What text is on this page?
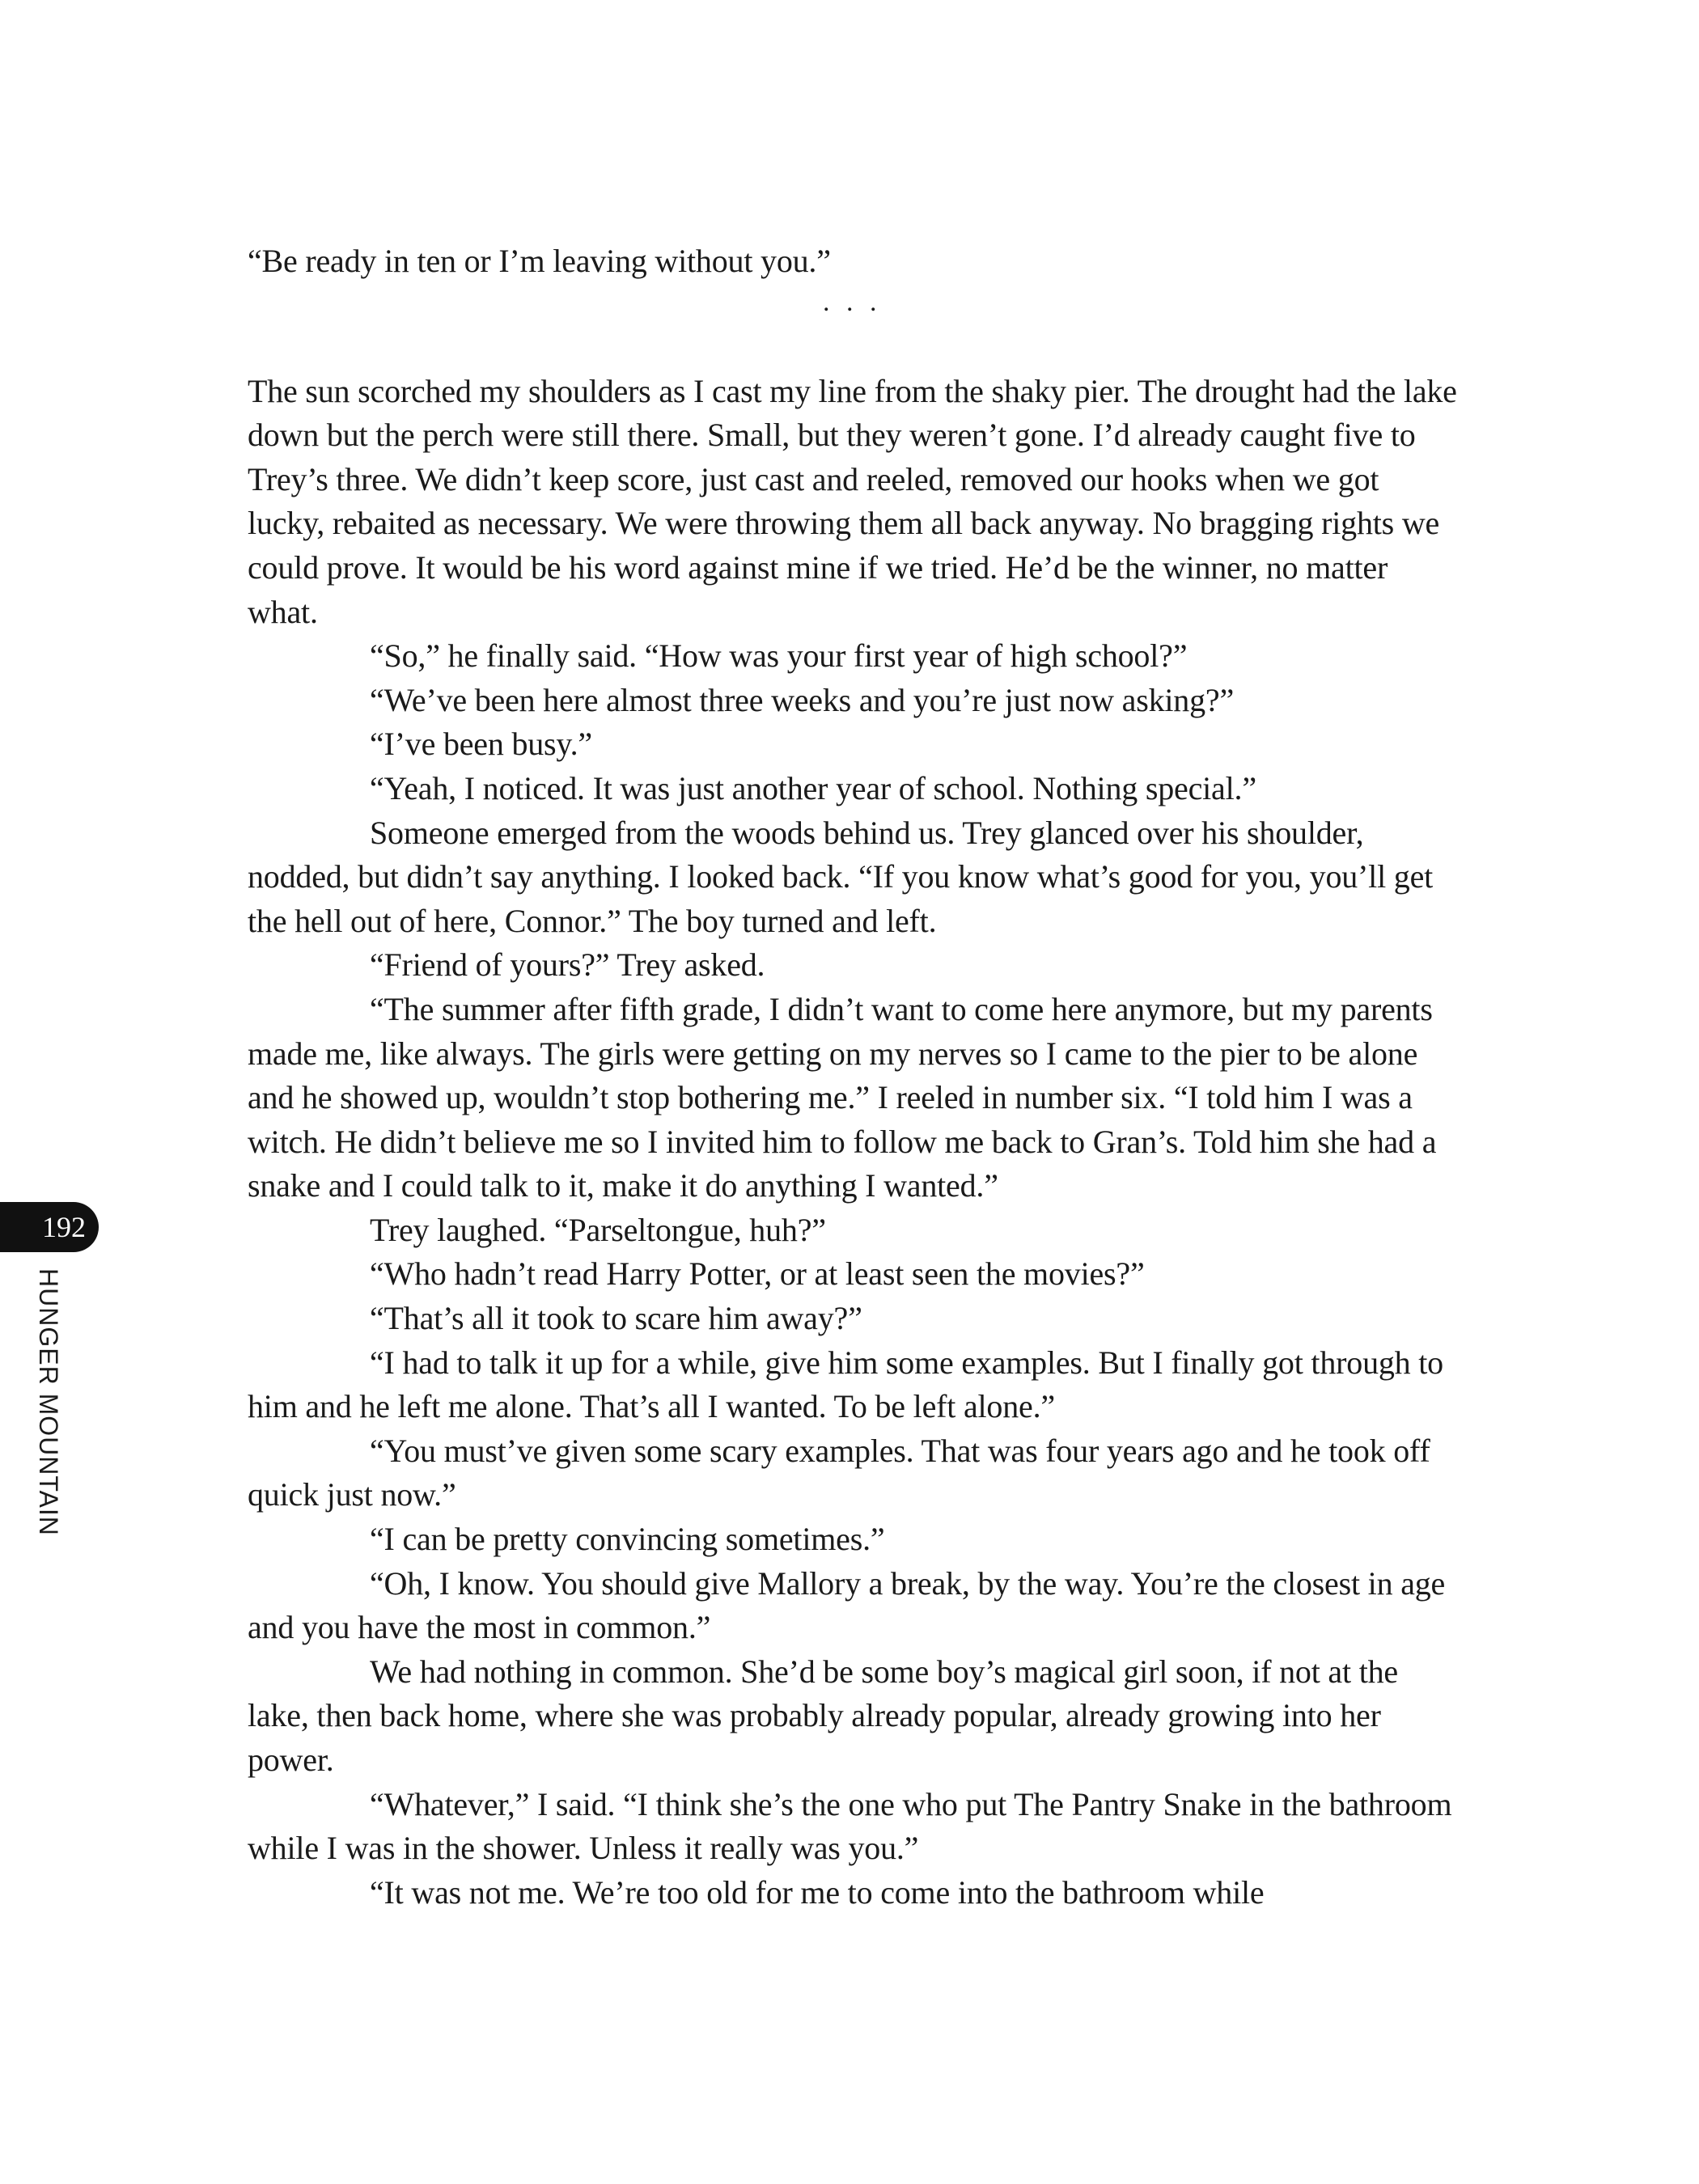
“Be ready in ten or I’m leaving without you.”

. . .

The sun scorched my shoulders as I cast my line from the shaky pier. The drought had the lake down but the perch were still there. Small, but they weren’t gone. I’d already caught five to Trey’s three. We didn’t keep score, just cast and reeled, removed our hooks when we got lucky, rebaited as necessary. We were throwing them all back anyway. No bragging rights we could prove. It would be his word against mine if we tried. He’d be the winner, no matter what.

“So,” he finally said. “How was your first year of high school?”

“We’ve been here almost three weeks and you’re just now asking?”

“I’ve been busy.”

“Yeah, I noticed. It was just another year of school. Nothing special.”

Someone emerged from the woods behind us. Trey glanced over his shoulder, nodded, but didn’t say anything. I looked back. “If you know what’s good for you, you’ll get the hell out of here, Connor.” The boy turned and left.

“Friend of yours?” Trey asked.

“The summer after fifth grade, I didn’t want to come here anymore, but my parents made me, like always. The girls were getting on my nerves so I came to the pier to be alone and he showed up, wouldn’t stop bothering me.” I reeled in number six. “I told him I was a witch. He didn’t believe me so I invited him to follow me back to Gran’s. Told him she had a snake and I could talk to it, make it do anything I wanted.”

Trey laughed. “Parseltongue, huh?”

“Who hadn’t read Harry Potter, or at least seen the movies?”

“That’s all it took to scare him away?”

“I had to talk it up for a while, give him some examples. But I finally got through to him and he left me alone. That’s all I wanted. To be left alone.”

“You must’ve given some scary examples. That was four years ago and he took off quick just now.”

“I can be pretty convincing sometimes.”

“Oh, I know. You should give Mallory a break, by the way. You’re the closest in age and you have the most in common.”

We had nothing in common. She’d be some boy’s magical girl soon, if not at the lake, then back home, where she was probably already popular, already growing into her power.

“Whatever,” I said. “I think she’s the one who put The Pantry Snake in the bathroom while I was in the shower. Unless it really was you.”

“It was not me. We’re too old for me to come into the bathroom while

192
HUNGER MOUNTAIN
